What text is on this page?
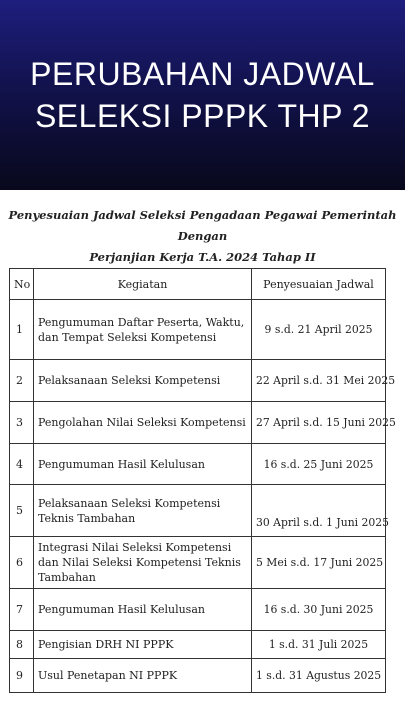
PERUBAHAN JADWAL
SELEKSI PPPK THP 2
Penyesuaian Jadwal Seleksi Pengadaan Pegawai Pemerintah Dengan
Perjanjian Kerja T.A. 2024 Tahap II
No	Kegiatan	Penyesuaian Jadwal
1	Pengumuman Daftar Peserta, Waktu, dan Tempat Seleksi Kompetensi	9 s.d. 21 April 2025
2	Pelaksanaan Seleksi Kompetensi	22 April s.d. 31 Mei 2025
3	Pengolahan Nilai Seleksi Kompetensi	27 April s.d. 15 Juni 2025
4	Pengumuman Hasil Kelulusan	16 s.d. 25 Juni 2025
5	Pelaksanaan Seleksi Kompetensi Teknis Tambahan	30 April s.d. 1 Juni 2025
6	Integrasi Nilai Seleksi Kompetensi dan Nilai Seleksi Kompetensi Teknis Tambahan	5 Mei s.d. 17 Juni 2025
7	Pengumuman Hasil Kelulusan	16 s.d. 30 Juni 2025
8	Pengisian DRH NI PPPK	1 s.d. 31 Juli 2025
9	Usul Penetapan NI PPPK	1 s.d. 31 Agustus 2025
